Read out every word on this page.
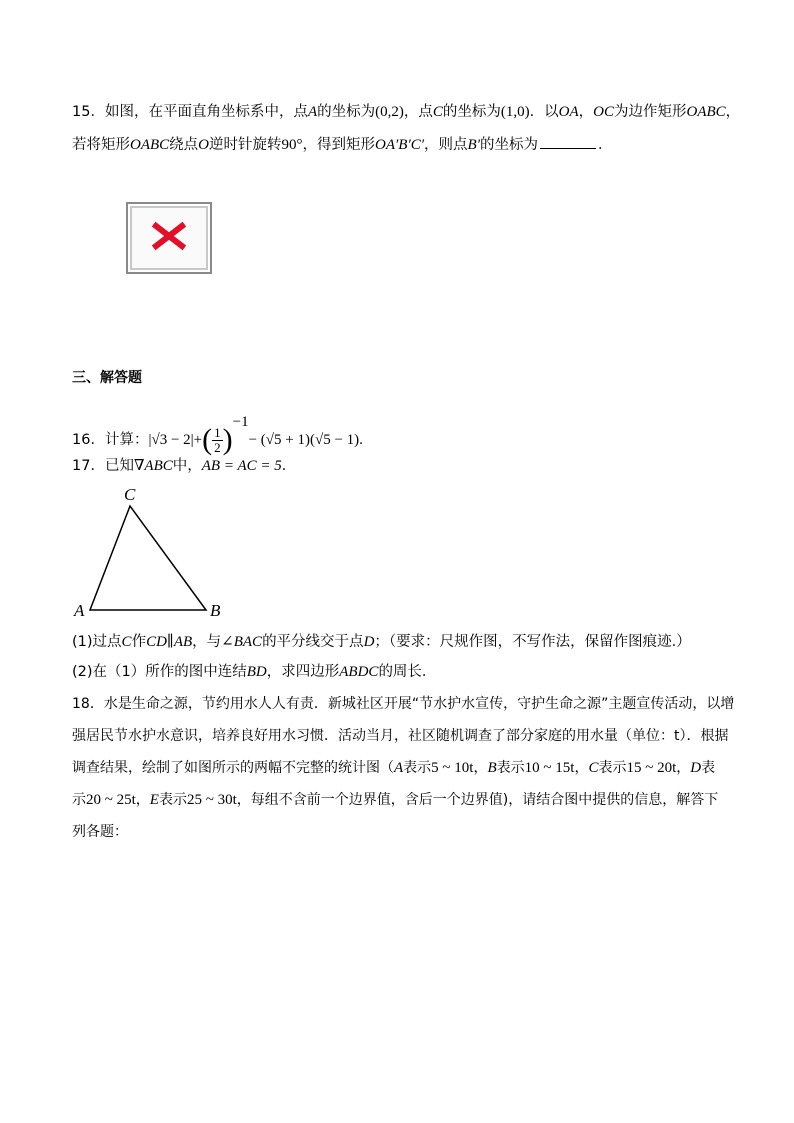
15．如图，在平面直角坐标系中，点A的坐标为(0,2)，点C的坐标为(1,0)．以OA，OC为边作矩形OABC，
若将矩形OABC绕点O逆时针旋转90°，得到矩形OA′B′C′，则点B′的坐标为	．
三、解答题
16．计算：$|√3 - 2|+( \frac{1}{2} )^{-1}- (√5 + 1)(√5 - 1)$.
17．已知∇ABC中，AB = AC = 5．
C
A	B
(1)过点C作CD∥AB，与∠BAC的平分线交于点D；（要求：尺规作图，不写作法，保留作图痕迹.）
(2)在（1）所作的图中连结BD，求四边形ABDC的周长．
18．水是生命之源，节约用水人人有责．新城社区开展“节水护水宣传，守护生命之源”主题宣传活动，以增
强居民节水护水意识，培养良好用水习惯．活动当月，社区随机调查了部分家庭的用水量（单位：t）．根据
调查结果，绘制了如图所示的两幅不完整的统计图（A表示5 ~ 10t，B表示10 ~ 15t，C表示15 ~ 20t，D表
示20 ~ 25t，E表示25 ~ 30t，每组不含前一个边界值，含后一个边界值)，请结合图中提供的信息，解答下
列各题：
